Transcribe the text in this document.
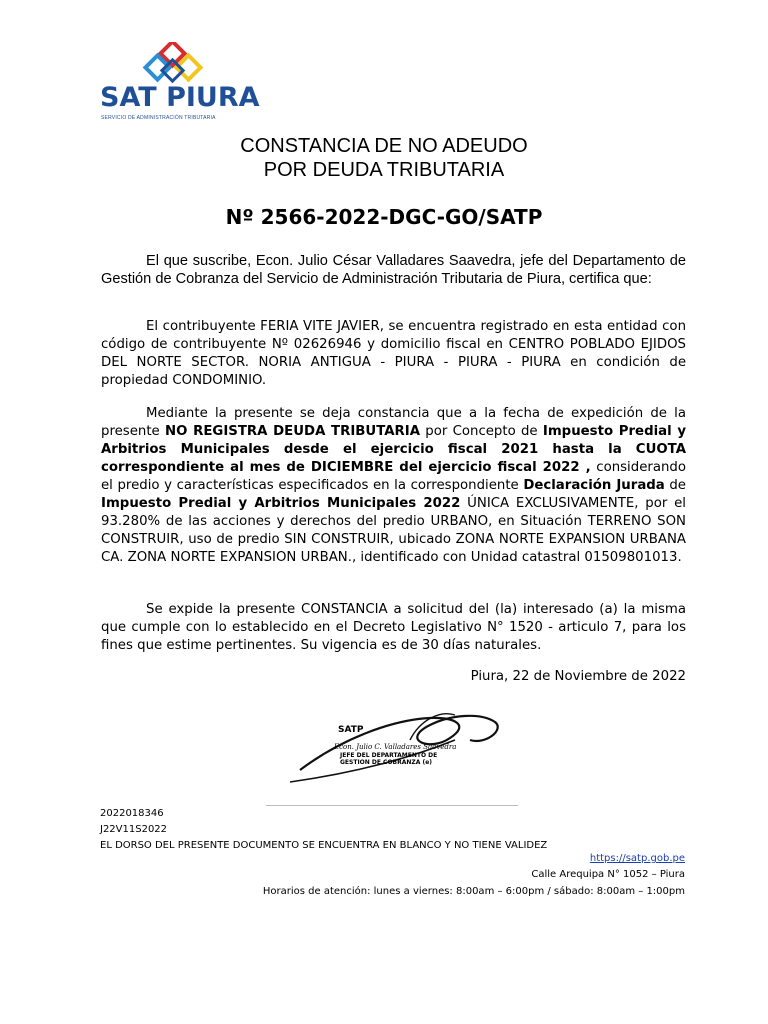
SAT PIURA
SERVICIO DE ADMINISTRACIÓN TRIBUTARIA
CONSTANCIA DE NO ADEUDO
POR DEUDA TRIBUTARIA
Nº 2566-2022-DGC-GO/SATP
El que suscribe, Econ. Julio César Valladares Saavedra, jefe del Departamento de Gestión de Cobranza del Servicio de Administración Tributaria de Piura, certifica que:
El contribuyente FERIA VITE JAVIER, se encuentra registrado en esta entidad con código de contribuyente Nº 02626946 y domicilio fiscal en CENTRO POBLADO EJIDOS DEL NORTE SECTOR. NORIA ANTIGUA - PIURA - PIURA - PIURA en condición de propiedad CONDOMINIO.
Mediante la presente se deja constancia que a la fecha de expedición de la presente NO REGISTRA DEUDA TRIBUTARIA por Concepto de Impuesto Predial y Arbitrios Municipales desde el ejercicio fiscal 2021 hasta la CUOTA correspondiente al mes de DICIEMBRE del ejercicio fiscal 2022 , considerando el predio y características especificados en la correspondiente Declaración Jurada de Impuesto Predial y Arbitrios Municipales 2022 ÚNICA EXCLUSIVAMENTE, por el 93.280% de las acciones y derechos del predio URBANO, en Situación TERRENO SON CONSTRUIR, uso de predio SIN CONSTRUIR, ubicado ZONA NORTE EXPANSION URBANA CA. ZONA NORTE EXPANSION URBAN., identificado con Unidad catastral 01509801013.
Se expide la presente CONSTANCIA a solicitud del (la) interesado (a) la misma que cumple con lo establecido en el Decreto Legislativo N° 1520 - articulo 7, para los fines que estime pertinentes. Su vigencia es de 30 días naturales.
Piura, 22 de Noviembre de 2022
SATP
Econ. Julio C. Valladares Saavedra
JEFE DEL DEPARTAMENTO DE
GESTION DE COBRANZA (e)
2022018346
J22V11S2022
EL DORSO DEL PRESENTE DOCUMENTO SE ENCUENTRA EN BLANCO Y NO TIENE VALIDEZ
https://satp.gob.pe
Calle Arequipa N° 1052 – Piura
Horarios de atención: lunes a viernes: 8:00am – 6:00pm / sábado: 8:00am – 1:00pm
